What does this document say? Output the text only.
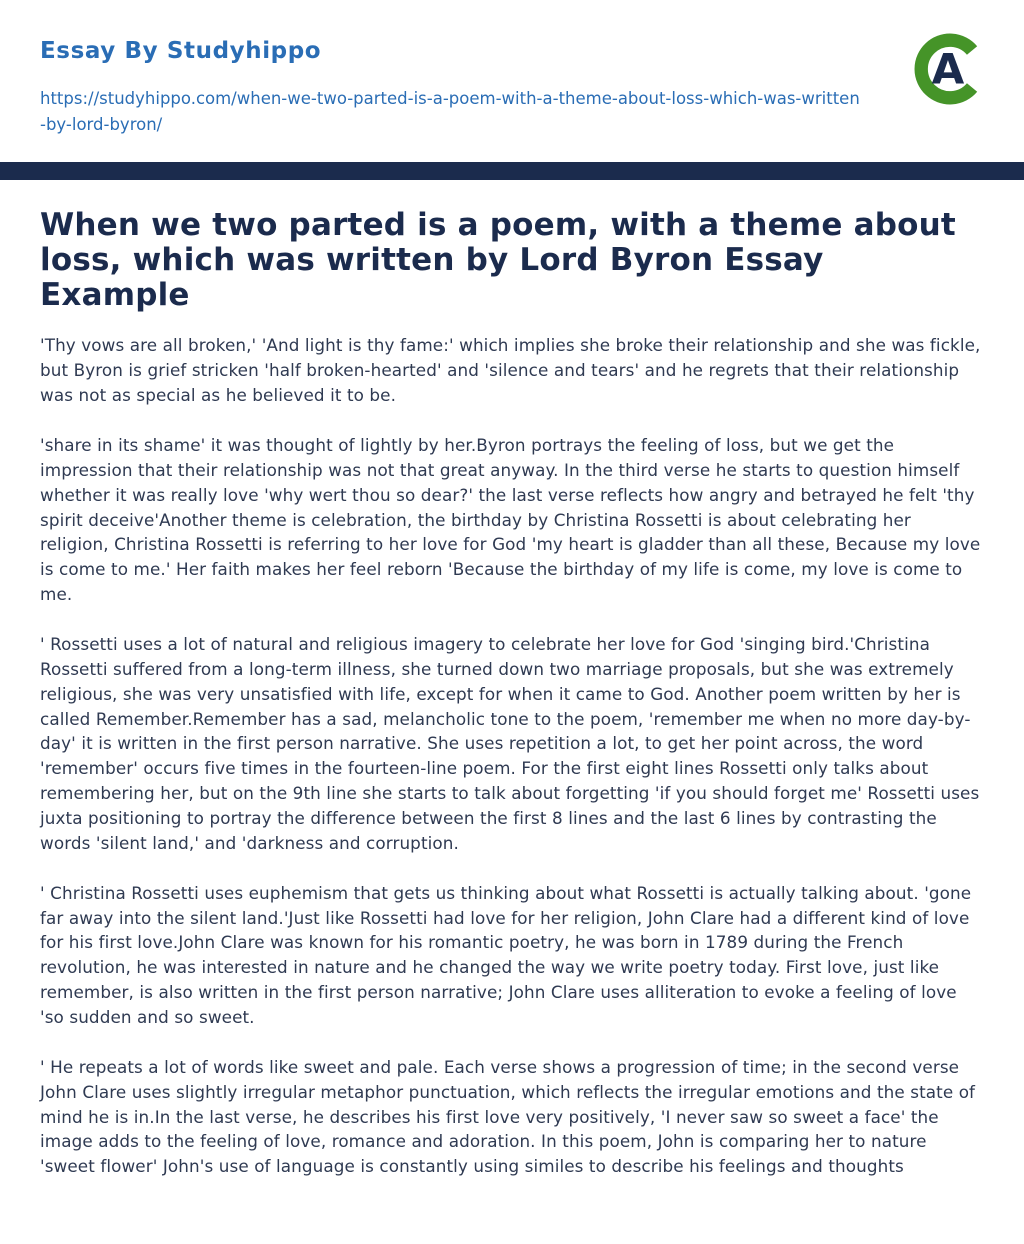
Essay By Studyhippo
https://studyhippo.com/when-we-two-parted-is-a-poem-with-a-theme-about-loss-which-was-written-by-lord-byron/
A
When we two parted is a poem, with a theme about loss, which was written by Lord Byron Essay Example

'Thy vows are all broken,' 'And light is thy fame:' which implies she broke their relationship and she was fickle, but Byron is grief stricken 'half broken-hearted' and 'silence and tears' and he regrets that their relationship was not as special as he believed it to be.

'share in its shame' it was thought of lightly by her.Byron portrays the feeling of loss, but we get the impression that their relationship was not that great anyway. In the third verse he starts to question himself whether it was really love 'why wert thou so dear?' the last verse reflects how angry and betrayed he felt 'thy spirit deceive'Another theme is celebration, the birthday by Christina Rossetti is about celebrating her religion, Christina Rossetti is referring to her love for God 'my heart is gladder than all these, Because my love is come to me.' Her faith makes her feel reborn 'Because the birthday of my life is come, my love is come to me.

' Rossetti uses a lot of natural and religious imagery to celebrate her love for God 'singing bird.'Christina Rossetti suffered from a long-term illness, she turned down two marriage proposals, but she was extremely religious, she was very unsatisfied with life, except for when it came to God. Another poem written by her is called Remember.Remember has a sad, melancholic tone to the poem, 'remember me when no more day-by-day' it is written in the first person narrative. She uses repetition a lot, to get her point across, the word 'remember' occurs five times in the fourteen-line poem. For the first eight lines Rossetti only talks about remembering her, but on the 9th line she starts to talk about forgetting 'if you should forget me' Rossetti uses juxta positioning to portray the difference between the first 8 lines and the last 6 lines by contrasting the words 'silent land,' and 'darkness and corruption.

' Christina Rossetti uses euphemism that gets us thinking about what Rossetti is actually talking about. 'gone far away into the silent land.'Just like Rossetti had love for her religion, John Clare had a different kind of love for his first love.John Clare was known for his romantic poetry, he was born in 1789 during the French revolution, he was interested in nature and he changed the way we write poetry today. First love, just like remember, is also written in the first person narrative; John Clare uses alliteration to evoke a feeling of love 'so sudden and so sweet.

' He repeats a lot of words like sweet and pale. Each verse shows a progression of time; in the second verse John Clare uses slightly irregular metaphor punctuation, which reflects the irregular emotions and the state of mind he is in.In the last verse, he describes his first love very positively, 'I never saw so sweet a face' the image adds to the feeling of love, romance and adoration. In this poem, John is comparing her to nature 'sweet flower' John's use of language is constantly using similes to describe his feelings and thoughts
